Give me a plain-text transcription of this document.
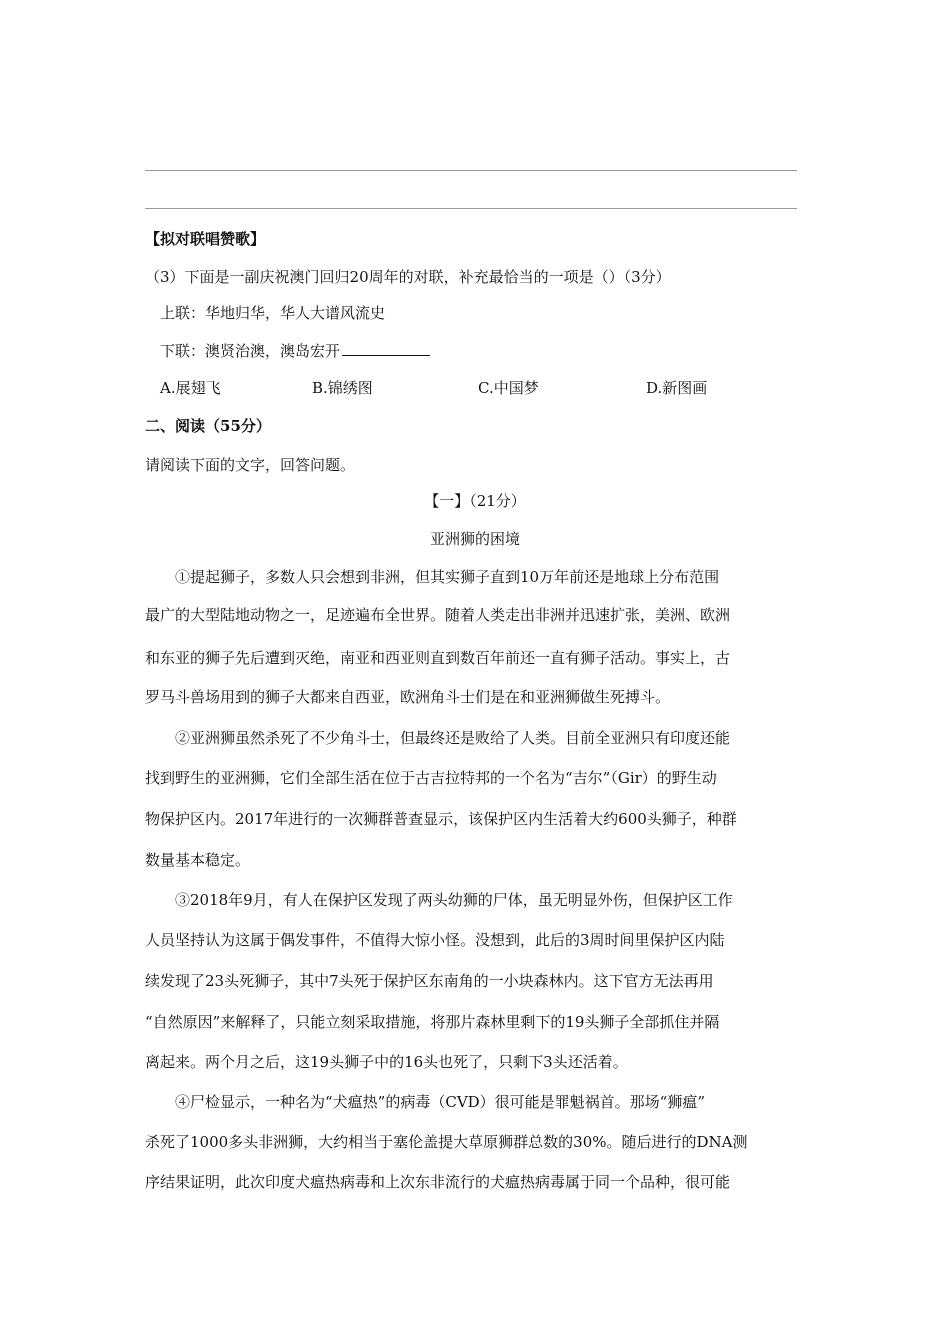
【拟对联唱赞歌】
（3）下面是一副庆祝澳门回归20周年的对联，补充最恰当的一项是（）（3分）
上联：华地归华，华人大谱风流史
下联：澳贤治澳，澳岛宏开
A.展翅飞	B.锦绣图	C.中国梦	D.新图画
二、阅读（55分）
请阅读下面的文字，回答问题。
【一】（21分）
亚洲狮的困境
①提起狮子，多数人只会想到非洲，但其实狮子直到10万年前还是地球上分布范围
最广的大型陆地动物之一，足迹遍布全世界。随着人类走出非洲并迅速扩张，美洲、欧洲
和东亚的狮子先后遭到灭绝，南亚和西亚则直到数百年前还一直有狮子活动。事实上，古
罗马斗兽场用到的狮子大都来自西亚，欧洲角斗士们是在和亚洲狮做生死搏斗。
②亚洲狮虽然杀死了不少角斗士，但最终还是败给了人类。目前全亚洲只有印度还能
找到野生的亚洲狮，它们全部生活在位于古吉拉特邦的一个名为“吉尔”（Gir）的野生动
物保护区内。2017年进行的一次狮群普查显示，该保护区内生活着大约600头狮子，种群
数量基本稳定。
③2018年9月，有人在保护区发现了两头幼狮的尸体，虽无明显外伤，但保护区工作
人员坚持认为这属于偶发事件，不值得大惊小怪。没想到，此后的3周时间里保护区内陆
续发现了23头死狮子，其中7头死于保护区东南角的一小块森林内。这下官方无法再用
“自然原因”来解释了，只能立刻采取措施，将那片森林里剩下的19头狮子全部抓住并隔
离起来。两个月之后，这19头狮子中的16头也死了，只剩下3头还活着。
④尸检显示，一种名为“犬瘟热”的病毒（CVD）很可能是罪魁祸首。那场“狮瘟”
杀死了1000多头非洲狮，大约相当于塞伦盖提大草原狮群总数的30%。随后进行的DNA测
序结果证明，此次印度犬瘟热病毒和上次东非流行的犬瘟热病毒属于同一个品种，很可能
